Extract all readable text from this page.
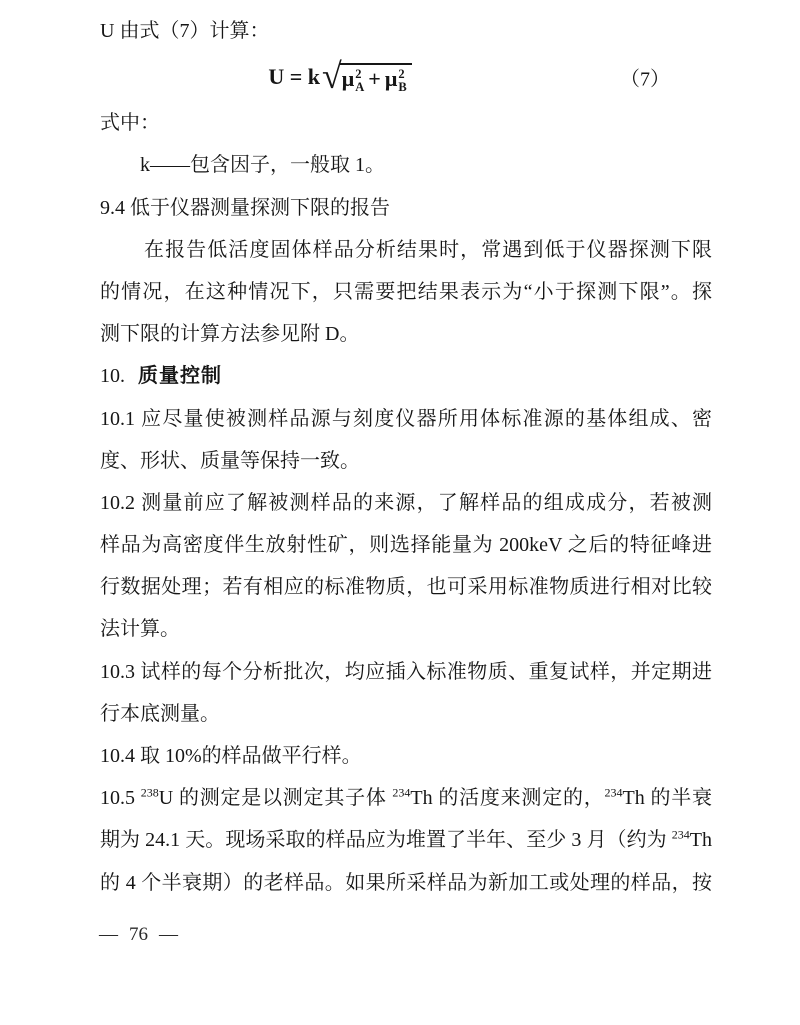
U 由式（7）计算：
U = k √ μ 2
A + μ 2
B	（7）
式中：
k——包含因子，一般取 1。
9.4 低于仪器测量探测下限的报告
在报告低活度固体样品分析结果时，常遇到低于仪器探测下限
的情况，在这种情况下，只需要把结果表示为“小于探测下限”。探
测下限的计算方法参见附 D。
10. 质量控制
10.1 应尽量使被测样品源与刻度仪器所用体标准源的基体组成、密
度、形状、质量等保持一致。
10.2 测量前应了解被测样品的来源，了解样品的组成成分，若被测
样品为高密度伴生放射性矿，则选择能量为 200keV 之后的特征峰进
行数据处理；若有相应的标准物质，也可采用标准物质进行相对比较
法计算。
10.3 试样的每个分析批次，均应插入标准物质、重复试样，并定期进
行本底测量。
10.4 取 10%的样品做平行样。
10.5 $^{238}$U 的测定是以测定其子体 $^{234}$Th 的活度来测定的，$^{234}$Th 的半衰
期为 24.1 天。现场采取的样品应为堆置了半年、至少 3 月（约为 $^{234}$Th
的 4 个半衰期）的老样品。如果所采样品为新加工或处理的样品，按
— 76 —
